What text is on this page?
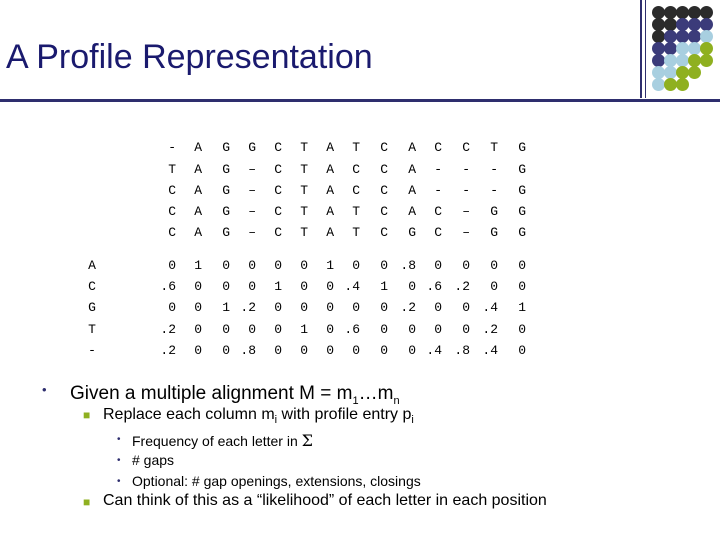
A Profile Representation
-
T
C
C
C
A
A
A
A
A
G
G
G
G
G
G
–
–
–
–
C
C
C
C
C
T
T
T
T
T
A
A
A
A
A
T
C
C
T
T
C
C
C
C
C
A
A
A
A
G
C
-
-
C
C
C
-
-
–
–
T
-
-
G
G
G
G
G
G
G
A
C
G
T
-
0
.6
0
.2
.2
1
0
0
0
0
0
0
1
0
0
0
0
.2
0
.8
0
1
0
0
0
0
0
0
1
0
1
0
0
0
0
0
.4
0
.6
0
0
1
0
0
0
.8
0
.2
0
0
0
.6
0
0
.4
0
.2
0
0
.8
0
0
.4
.2
.4
0
0
1
0
0
• Given a multiple alignment $M = m_1\dots m_n$
■ Replace each column $m_i$ with profile entry $p_i$
• Frequency of each letter in Σ
• # gaps
• Optional: # gap openings, extensions, closings
■ Can think of this as a “likelihood” of each letter in each position
